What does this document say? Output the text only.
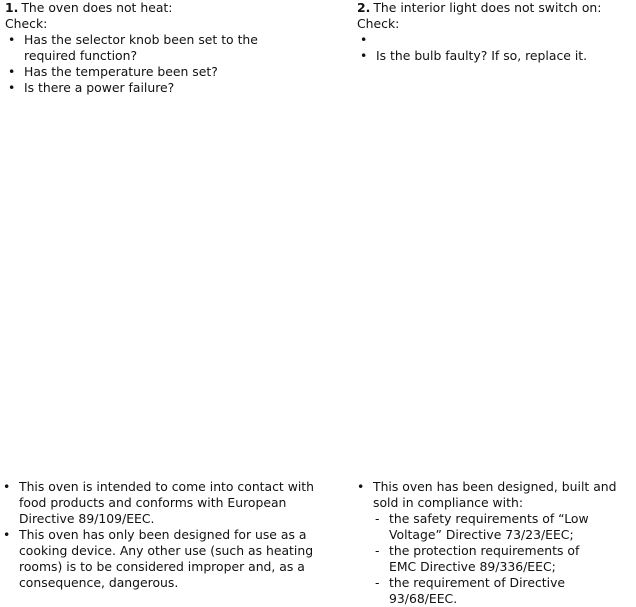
1. The oven does not heat:
Check:
• Has the selector knob been set to the required function?
• Has the temperature been set?
• Is there a power failure?
2. The interior light does not switch on:
Check:
•
• Is the bulb faulty? If so, replace it.
• This oven is intended to come into contact with food products and conforms with European Directive 89/109/EEC.
• This oven has only been designed for use as a cooking device. Any other use (such as heating rooms) is to be considered improper and, as a consequence, dangerous.
• This oven has been designed, built and sold in compliance with:
- the safety requirements of “Low Voltage” Directive 73/23/EEC;
- the protection requirements of EMC Directive 89/336/EEC;
- the requirement of Directive 93/68/EEC.
